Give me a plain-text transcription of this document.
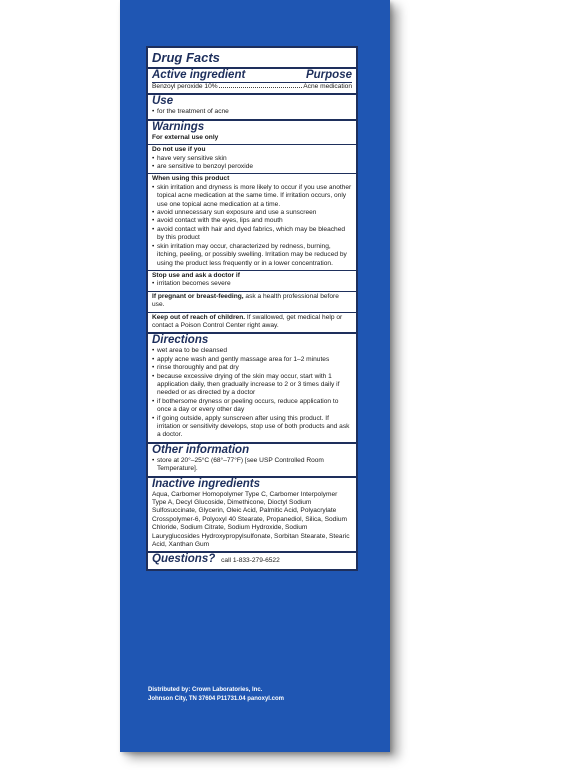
Drug Facts
Active ingredient	Purpose
Benzoyl peroxide 10%	Acne medication
Use
• for the treatment of acne
Warnings
For external use only
Do not use if you
• have very sensitive skin
• are sensitive to benzoyl peroxide
When using this product
• skin irritation and dryness is more likely to occur if you use another topical acne medication at the same time. If irritation occurs, only use one topical acne medication at a time.
• avoid unnecessary sun exposure and use a sunscreen
• avoid contact with the eyes, lips and mouth
• avoid contact with hair and dyed fabrics, which may be bleached by this product
• skin irritation may occur, characterized by redness, burning, itching, peeling, or possibly swelling. Irritation may be reduced by using the product less frequently or in a lower concentration.
Stop use and ask a doctor if
• irritation becomes severe
If pregnant or breast-feeding, ask a health professional before use.
Keep out of reach of children. If swallowed, get medical help or contact a Poison Control Center right away.
Directions
• wet area to be cleansed
• apply acne wash and gently massage area for 1–2 minutes
• rinse thoroughly and pat dry
• because excessive drying of the skin may occur, start with 1 application daily, then gradually increase to 2 or 3 times daily if needed or as directed by a doctor
• if bothersome dryness or peeling occurs, reduce application to once a day or every other day
• if going outside, apply sunscreen after using this product. If irritation or sensitivity develops, stop use of both products and ask a doctor.
Other information
• store at 20°–25°C (68°–77°F) [see USP Controlled Room Temperature].
Inactive ingredients
Aqua, Carbomer Homopolymer Type C, Carbomer Interpolymer Type A, Decyl Glucoside, Dimethicone, Dioctyl Sodium Sulfosuccinate, Glycerin, Oleic Acid, Palmitic Acid, Polyacrylate Crosspolymer-6, Polyoxyl 40 Stearate, Propanediol, Silica, Sodium Chloride, Sodium Citrate, Sodium Hydroxide, Sodium Lauryglucosides Hydroxypropylsulfonate, Sorbitan Stearate, Stearic Acid, Xanthan Gum
Questions? call 1-833-279-6522
Distributed by: Crown Laboratories, Inc.
Johnson City, TN 37604 P11731.04 panoxyl.com
